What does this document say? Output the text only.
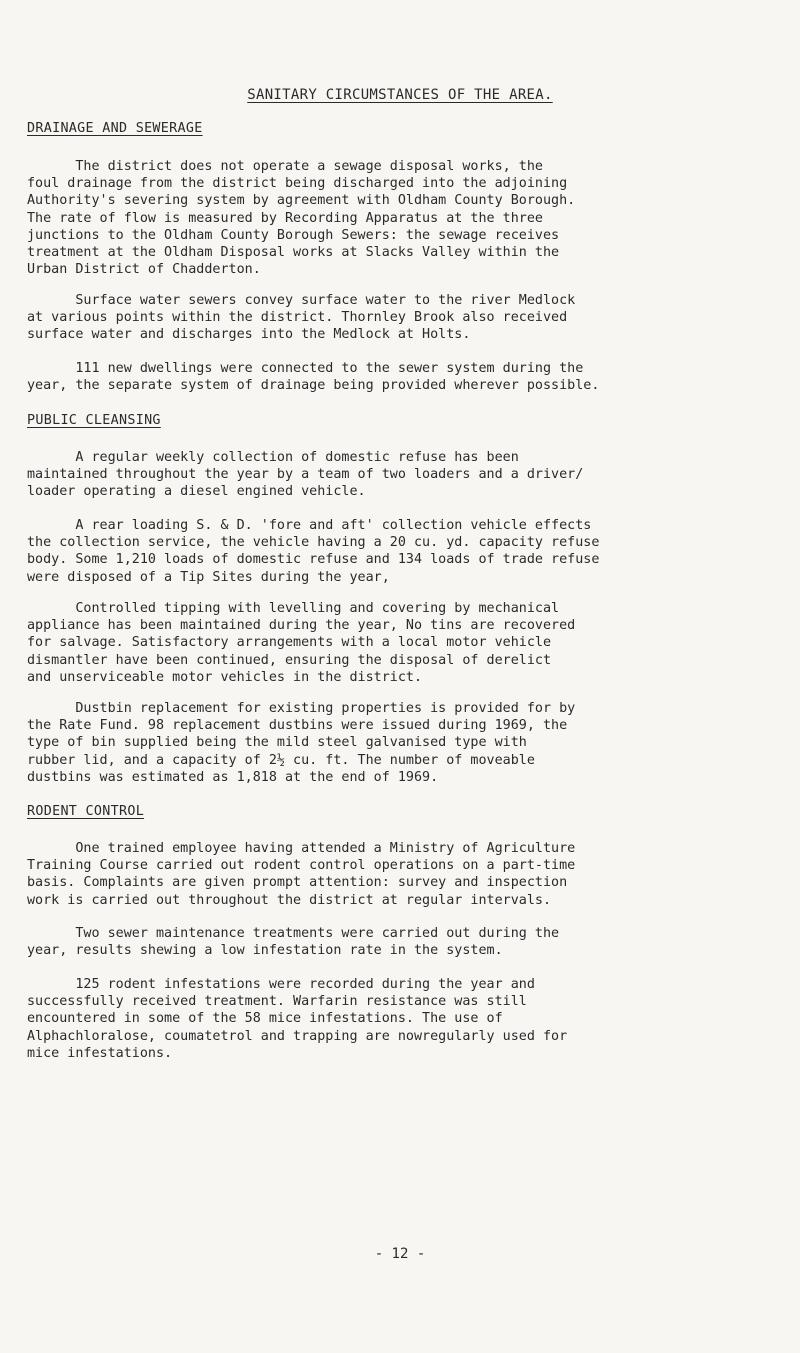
SANITARY CIRCUMSTANCES OF THE AREA.
DRAINAGE AND SEWERAGE

The district does not operate a sewage disposal works, the
foul drainage from the district being discharged into the adjoining
Authority's severing system by agreement with Oldham County Borough.
The rate of flow is measured by Recording Apparatus at the three
junctions to the Oldham County Borough Sewers: the sewage receives
treatment at the Oldham Disposal works at Slacks Valley within the
Urban District of Chadderton.

Surface water sewers convey surface water to the river Medlock
at various points within the district. Thornley Brook also received
surface water and discharges into the Medlock at Holts.

111 new dwellings were connected to the sewer system during the
year, the separate system of drainage being provided wherever possible.

PUBLIC CLEANSING

A regular weekly collection of domestic refuse has been
maintained throughout the year by a team of two loaders and a driver/
loader operating a diesel engined vehicle.

A rear loading S. & D. 'fore and aft' collection vehicle effects
the collection service, the vehicle having a 20 cu. yd. capacity refuse
body. Some 1,210 loads of domestic refuse and 134 loads of trade refuse
were disposed of a Tip Sites during the year,

Controlled tipping with levelling and covering by mechanical
appliance has been maintained during the year, No tins are recovered
for salvage. Satisfactory arrangements with a local motor vehicle
dismantler have been continued, ensuring the disposal of derelict
and unserviceable motor vehicles in the district.

Dustbin replacement for existing properties is provided for by
the Rate Fund. 98 replacement dustbins were issued during 1969, the
type of bin supplied being the mild steel galvanised type with
rubber lid, and a capacity of 2½ cu. ft. The number of moveable
dustbins was estimated as 1,818 at the end of 1969.

RODENT CONTROL

One trained employee having attended a Ministry of Agriculture
Training Course carried out rodent control operations on a part-time
basis. Complaints are given prompt attention: survey and inspection
work is carried out throughout the district at regular intervals.

Two sewer maintenance treatments were carried out during the
year, results shewing a low infestation rate in the system.

125 rodent infestations were recorded during the year and
successfully received treatment. Warfarin resistance was still
encountered in some of the 58 mice infestations. The use of
Alphachloralose, coumatetrol and trapping are nowregularly used for
mice infestations.

- 12 -
